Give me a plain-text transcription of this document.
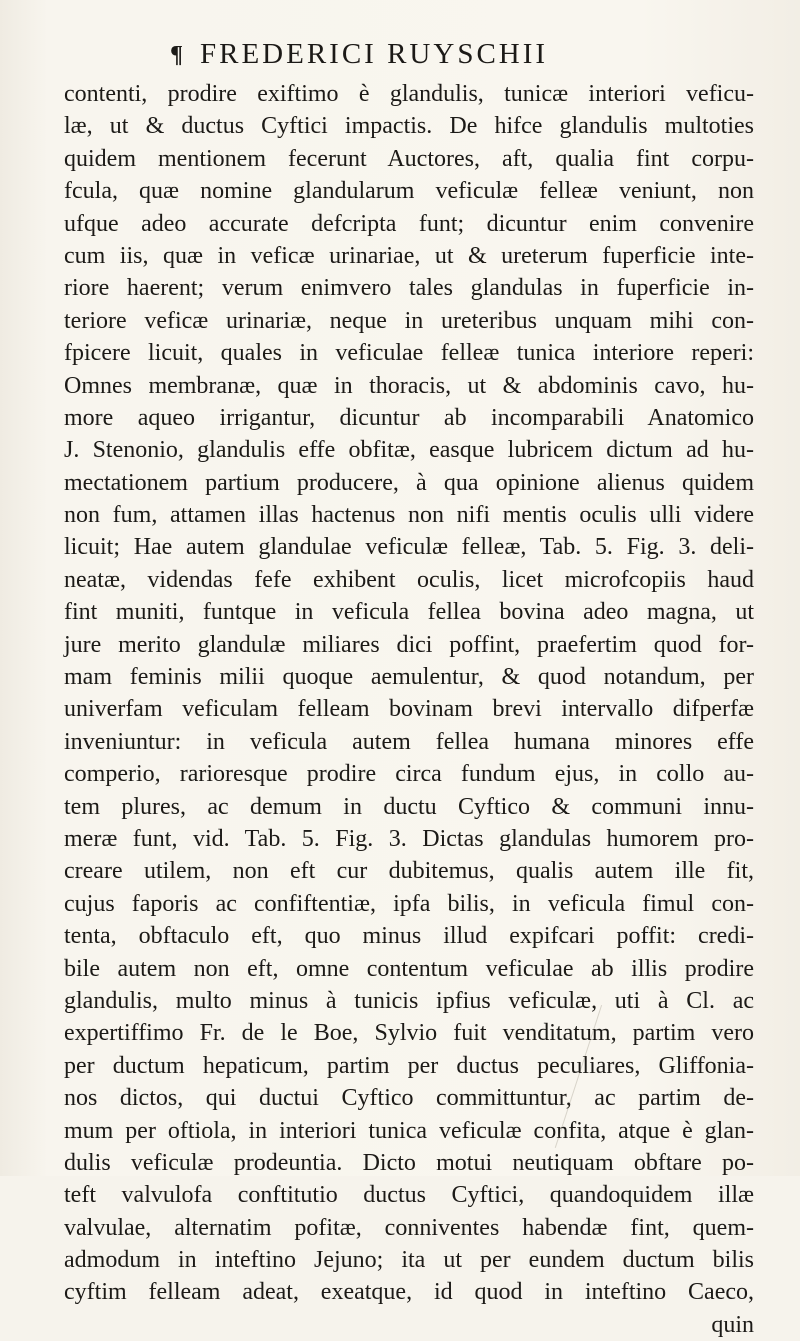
¶ FREDERICI RUYSCHII
contenti, prodire exiftimo è glandulis, tunicæ interiori veficu-
læ, ut & ductus Cyftici impactis. De hifce glandulis multoties
quidem mentionem fecerunt Auctores, aft, qualia fint corpu-
fcula, quæ nomine glandularum veficulæ felleæ veniunt, non
ufque adeo accurate defcripta funt; dicuntur enim convenire
cum iis, quæ in veficæ urinariae, ut & ureterum fuperficie inte-
riore haerent; verum enimvero tales glandulas in fuperficie in-
teriore veficæ urinariæ, neque in ureteribus unquam mihi con-
fpicere licuit, quales in veficulae felleæ tunica interiore reperi:
Omnes membranæ, quæ in thoracis, ut & abdominis cavo, hu-
more aqueo irrigantur, dicuntur ab incomparabili Anatomico
J. Stenonio, glandulis effe obfitæ, easque lubricem dictum ad hu-
mectationem partium producere, à qua opinione alienus quidem
non fum, attamen illas hactenus non nifi mentis oculis ulli videre
licuit; Hae autem glandulae veficulæ felleæ, Tab. 5. Fig. 3. deli-
neatæ, videndas fefe exhibent oculis, licet microfcopiis haud
fint muniti, funtque in veficula fellea bovina adeo magna, ut
jure merito glandulæ miliares dici poffint, praefertim quod for-
mam feminis milii quoque aemulentur, & quod notandum, per
univerfam veficulam felleam bovinam brevi intervallo difperfæ
inveniuntur: in veficula autem fellea humana minores effe
comperio, rarioresque prodire circa fundum ejus, in collo au-
tem plures, ac demum in ductu Cyftico & communi innu-
meræ funt, vid. Tab. 5. Fig. 3. Dictas glandulas humorem pro-
creare utilem, non eft cur dubitemus, qualis autem ille fit,
cujus faporis ac confiftentiæ, ipfa bilis, in veficula fimul con-
tenta, obftaculo eft, quo minus illud expifcari poffit: credi-
bile autem non eft, omne contentum veficulae ab illis prodire
glandulis, multo minus à tunicis ipfius veficulæ, uti à Cl. ac
expertiffimo Fr. de le Boe, Sylvio fuit venditatum, partim vero
per ductum hepaticum, partim per ductus peculiares, Gliffonia-
nos dictos, qui ductui Cyftico committuntur, ac partim de-
mum per oftiola, in interiori tunica veficulæ confita, atque è glan-
dulis veficulæ prodeuntia. Dicto motui neutiquam obftare po-
teft valvulofa conftitutio ductus Cyftici, quandoquidem illæ
valvulae, alternatim pofitæ, conniventes habendæ fint, quem-
admodum in inteftino Jejuno; ita ut per eundem ductum bilis
cyftim felleam adeat, exeatque, id quod in inteftino Caeco,
quin
